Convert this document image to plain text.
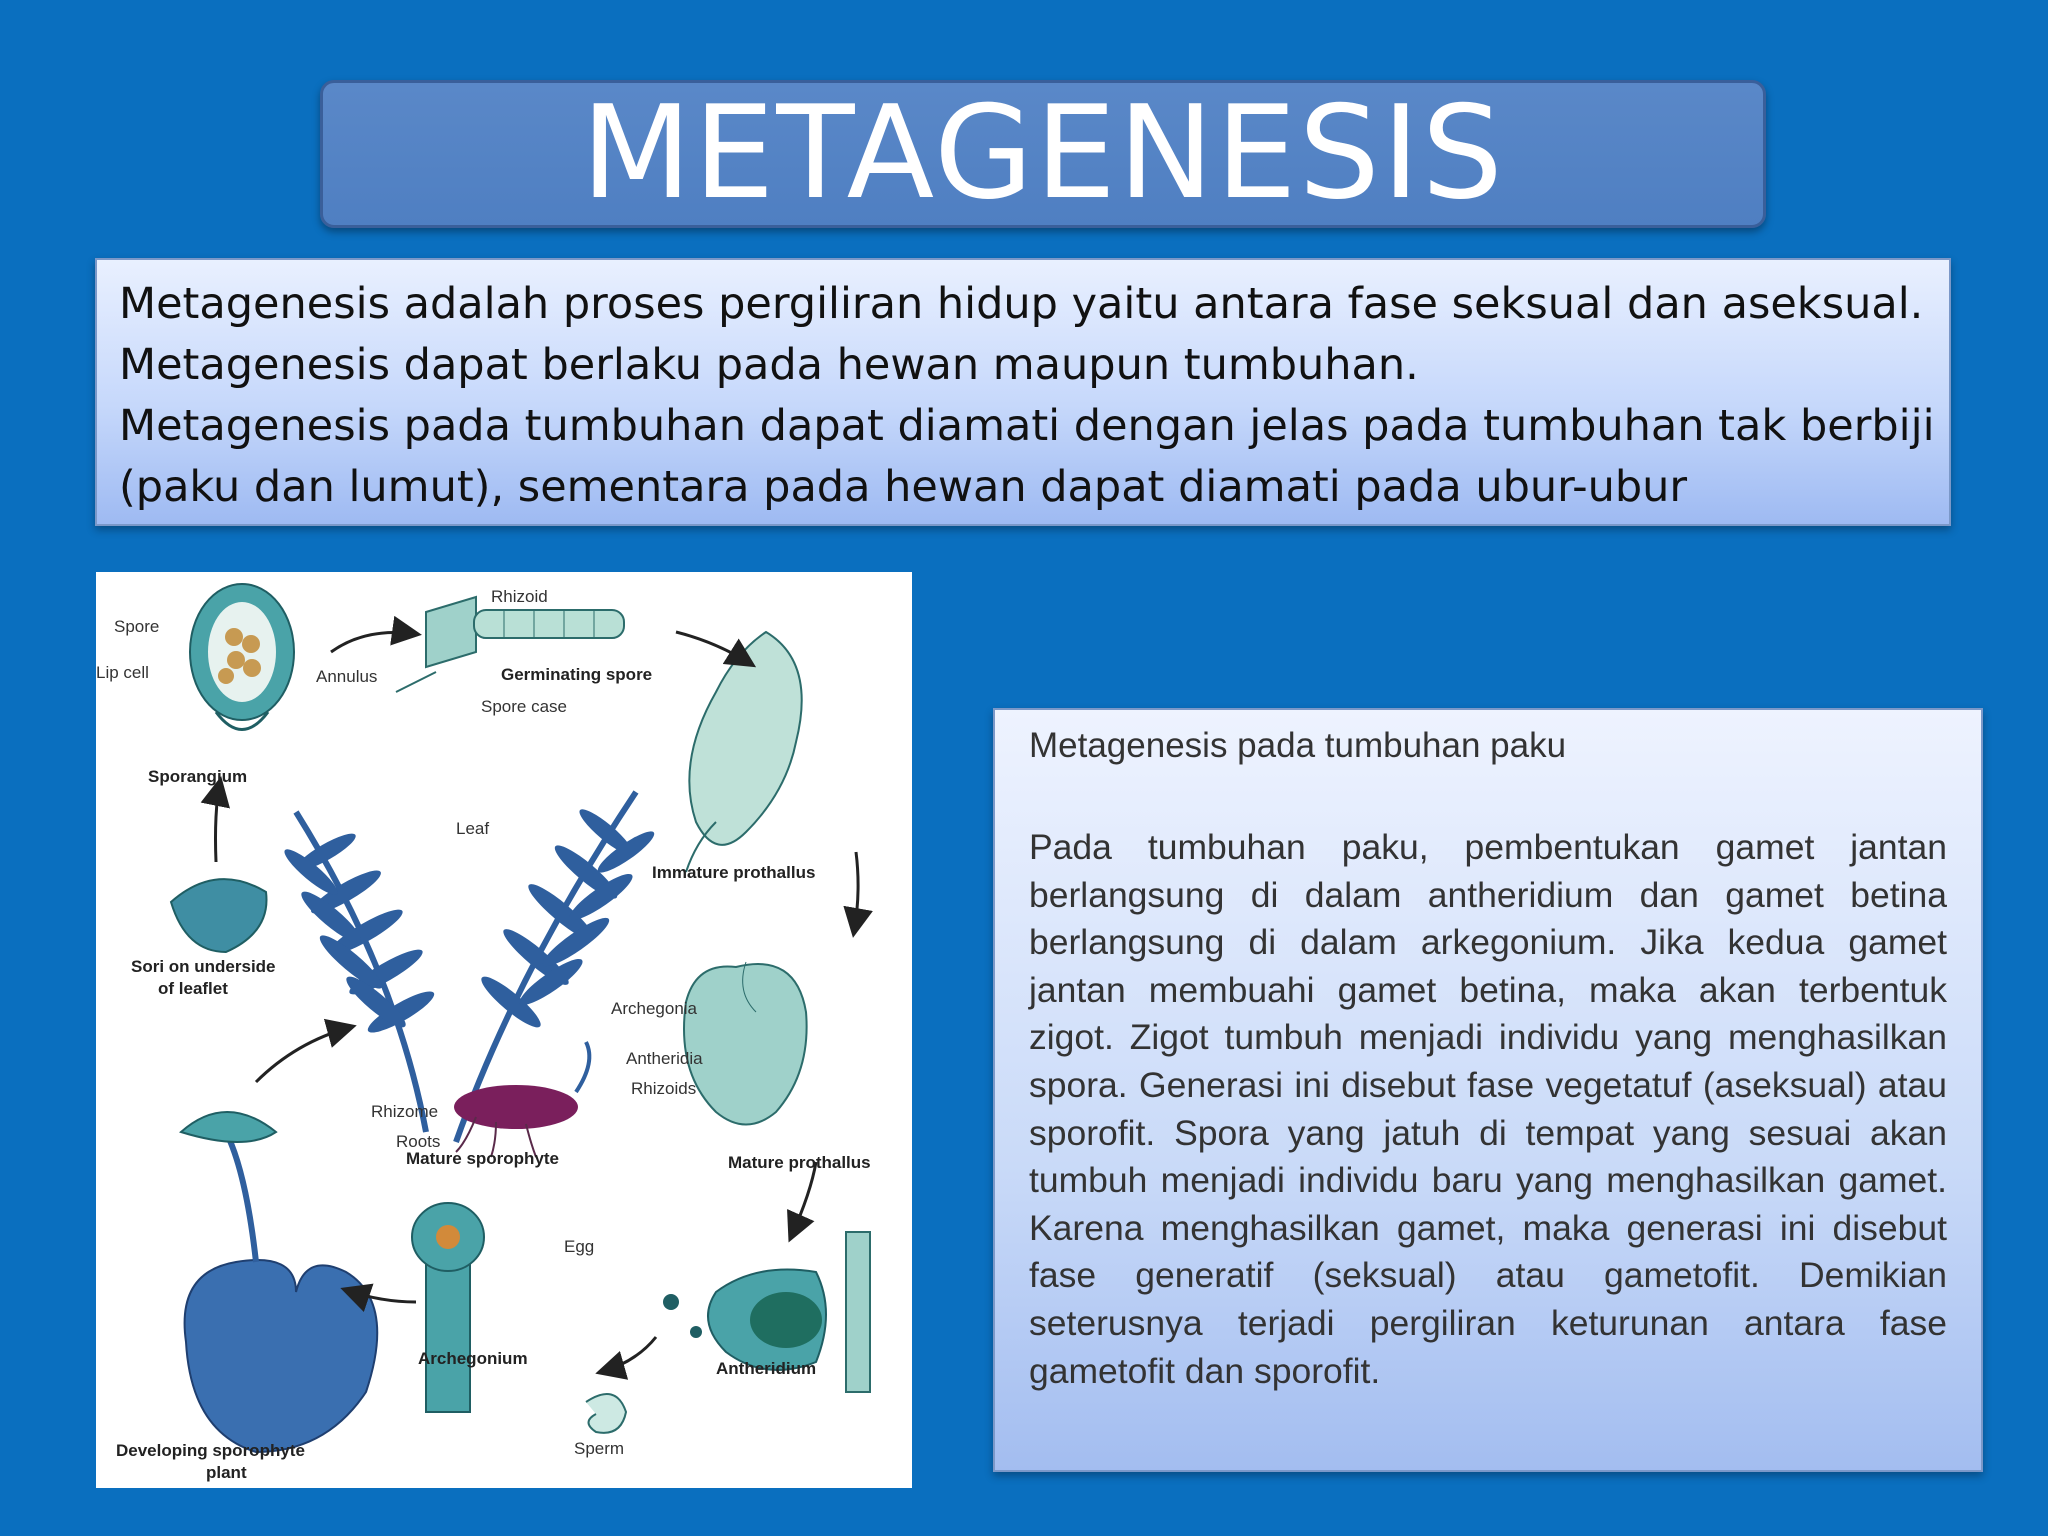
METAGENESIS
Metagenesis adalah proses pergiliran hidup yaitu antara fase seksual dan aseksual.
Metagenesis dapat berlaku pada hewan maupun tumbuhan.
Metagenesis pada tumbuhan dapat diamati dengan jelas pada tumbuhan tak berbiji
(paku dan lumut), sementara pada hewan dapat diamati pada ubur-ubur
Spore
Lip cell	Annulus
Rhizoid
Germinating spore
Spore case
Sporangium
Leaf
Immature prothallus
Sori on underside
of leaflet
Archegonia
Antheridia
Rhizoids
Rhizome
Roots
Mature sporophyte	Mature prothallus
Egg
Archegonium
Antheridium
Sperm
Developing sporophyte
plant

Metagenesis pada tumbuhan paku

Pada tumbuhan paku, pembentukan gamet jantan berlangsung di dalam antheridium dan gamet betina berlangsung di dalam arkegonium. Jika kedua gamet jantan membuahi gamet betina, maka akan terbentuk zigot. Zigot tumbuh menjadi individu yang menghasilkan spora. Generasi ini disebut fase vegetatuf (aseksual) atau sporofit. Spora yang jatuh di tempat yang sesuai akan tumbuh menjadi individu baru yang menghasilkan gamet. Karena menghasilkan gamet, maka generasi ini disebut fase generatif (seksual) atau gametofit. Demikian seterusnya terjadi pergiliran keturunan antara fase gametofit dan sporofit.
